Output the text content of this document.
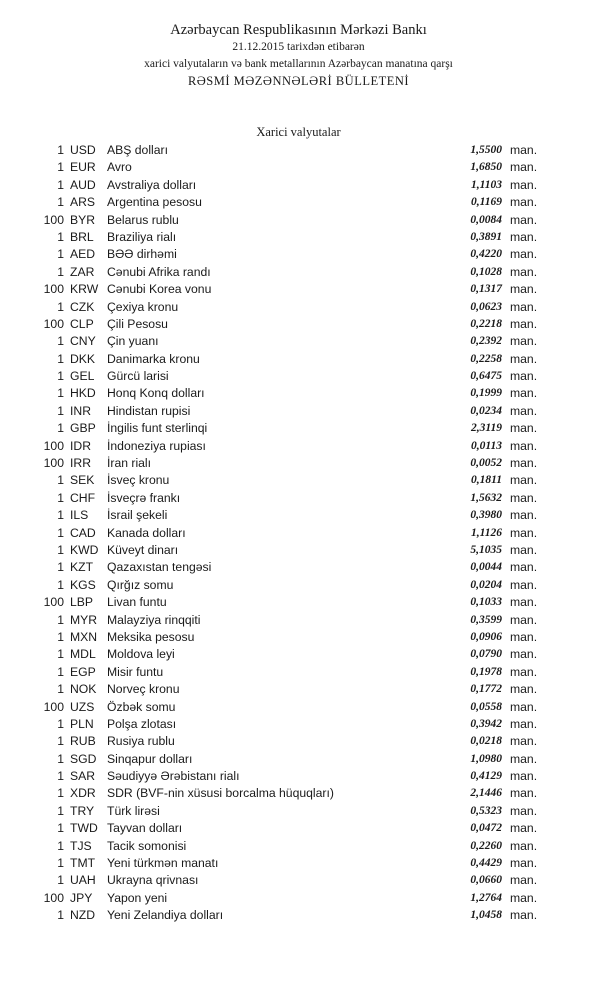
Azərbaycan Respublikasının Mərkəzi Bankı
21.12.2015 tarixdən etibarən
xarici valyutaların və bank metallarının Azərbaycan manatına qarşı
RƏSMİ MƏZƏNNƏLƏRİ BÜLLETENİ
Xarici valyutalar
1 USD ABŞ dolları	1,5500 man.
1 EUR Avro	1,6850 man.
1 AUD Avstraliya dolları	1,1103 man.
1 ARS Argentina pesosu	0,1169 man.
100 BYR Belarus rublu	0,0084 man.
1 BRL	Braziliya rialı	0,3891 man.
1 AED BƏƏ dirhəmi	0,4220 man.
1 ZAR	Cənubi Afrika randı	0,1028 man.
100 KRW Cənubi Korea vonu	0,1317 man.
1 CZK	Çexiya kronu	0,0623 man.
100 CLP	Çili Pesosu	0,2218 man.
1 CNY Çin yuanı	0,2392 man.
1 DKK Danimarka kronu	0,2258 man.
1 GEL	Gürcü larisi	0,6475 man.
1 HKD Honq Konq dolları	0,1999 man.
1 INR	Hindistan rupisi	0,0234 man.
1 GBP İngilis funt sterlinqi	2,3119 man.
100 IDR	İndoneziya rupiası	0,0113 man.
100 IRR	İran rialı	0,0052 man.
1 SEK	İsveç kronu	0,1811 man.
1 CHF İsveçrə frankı	1,5632 man.
1 ILS	İsrail şekeli	0,3980 man.
1 CAD Kanada dolları	1,1126 man.
1 KWD Küveyt dinarı	5,1035 man.
1 KZT	Qazaxıstan tengəsi	0,0044 man.
1 KGS Qırğız somu	0,0204 man.
100 LBP	Livan funtu	0,1033 man.
1 MYR Malayziya rinqqiti	0,3599 man.
1 MXN Meksika pesosu	0,0906 man.
1 MDL Moldova leyi	0,0790 man.
1 EGP Misir funtu	0,1978 man.
1 NOK Norveç kronu	0,1772 man.
100 UZS	Özbək somu	0,0558 man.
1 PLN	Polşa zlotası	0,3942 man.
1 RUB Rusiya rublu	0,0218 man.
1 SGD Sinqapur dolları	1,0980 man.
1 SAR Səudiyyə Ərəbistanı rialı	0,4129 man.
1 XDR SDR (BVF-nin xüsusi borcalma hüquqları)	2,1446 man.
1 TRY	Türk lirəsi	0,5323 man.
1 TWD Tayvan dolları	0,0472 man.
1 TJS	Tacik somonisi	0,2260 man.
1 TMT Yeni türkmən manatı	0,4429 man.
1 UAH Ukrayna qrivnası	0,0660 man.
100 JPY	Yapon yeni	1,2764 man.
1 NZD Yeni Zelandiya dolları	1,0458 man.
